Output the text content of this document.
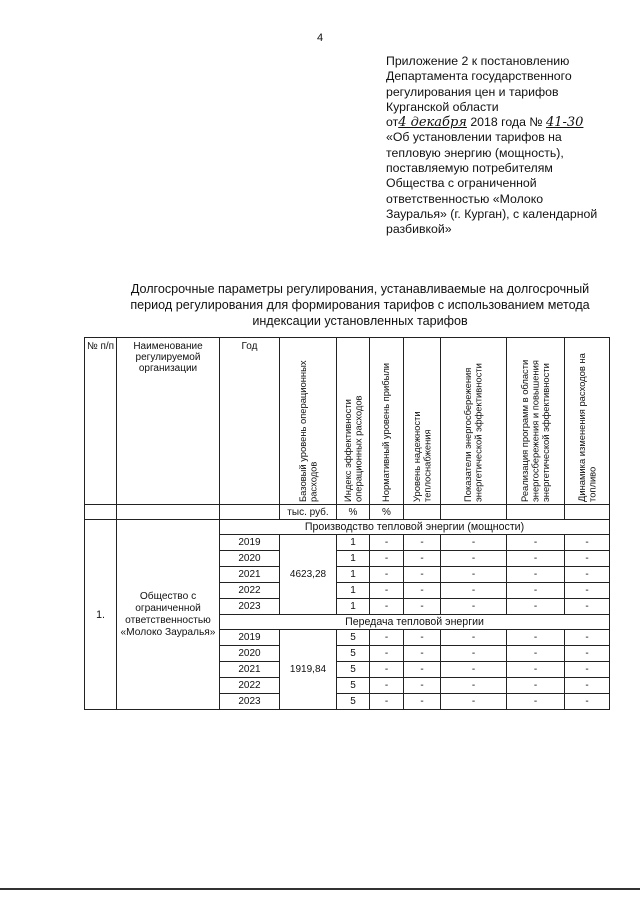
4
Приложение 2 к постановлению
Департамента государственного
регулирования цен и тарифов
Курганской области
от4 декабря 2018 года № 41-30
«Об установлении тарифов на
тепловую энергию (мощность),
поставляемую потребителям
Общества с ограниченной
ответственностью «Молоко
Зауралья» (г. Курган), с календарной
разбивкой»
Долгосрочные параметры регулирования, устанавливаемые на долгосрочный
период регулирования для формирования тарифов с использованием метода
индексации установленных тарифов
№ п/п	Наименование регулируемой организации	Год	Базовый уровень операционных расходов	Индекс эффективности операционных расходов	Нормативный уровень прибыли	Уровень надежности теплоснабжения	Показатели энергосбережения энергетической эффективности	Реализация программ в области энергосбережения и повышения энергетической эффективности	Динамика изменения расходов на топливо

			тыс. руб.	%	%				
1.	Общество с ограниченной ответственностью «Молоко Зауралья»	Производство тепловой энергии (мощности)							
		2019	4623,28	1	-	-	-	-	-
		2020		1	-	-	-	-	-
		2021		1	-	-	-	-	-
		2022		1	-	-	-	-	-
		2023		1	-	-	-	-	-
		Передача тепловой энергии							
		2019	1919,84	5	-	-	-	-	-
		2020		5	-	-	-	-	-
		2021		5	-	-	-	-	-
		2022		5	-	-	-	-	-
		2023		5	-	-	-	-	-
